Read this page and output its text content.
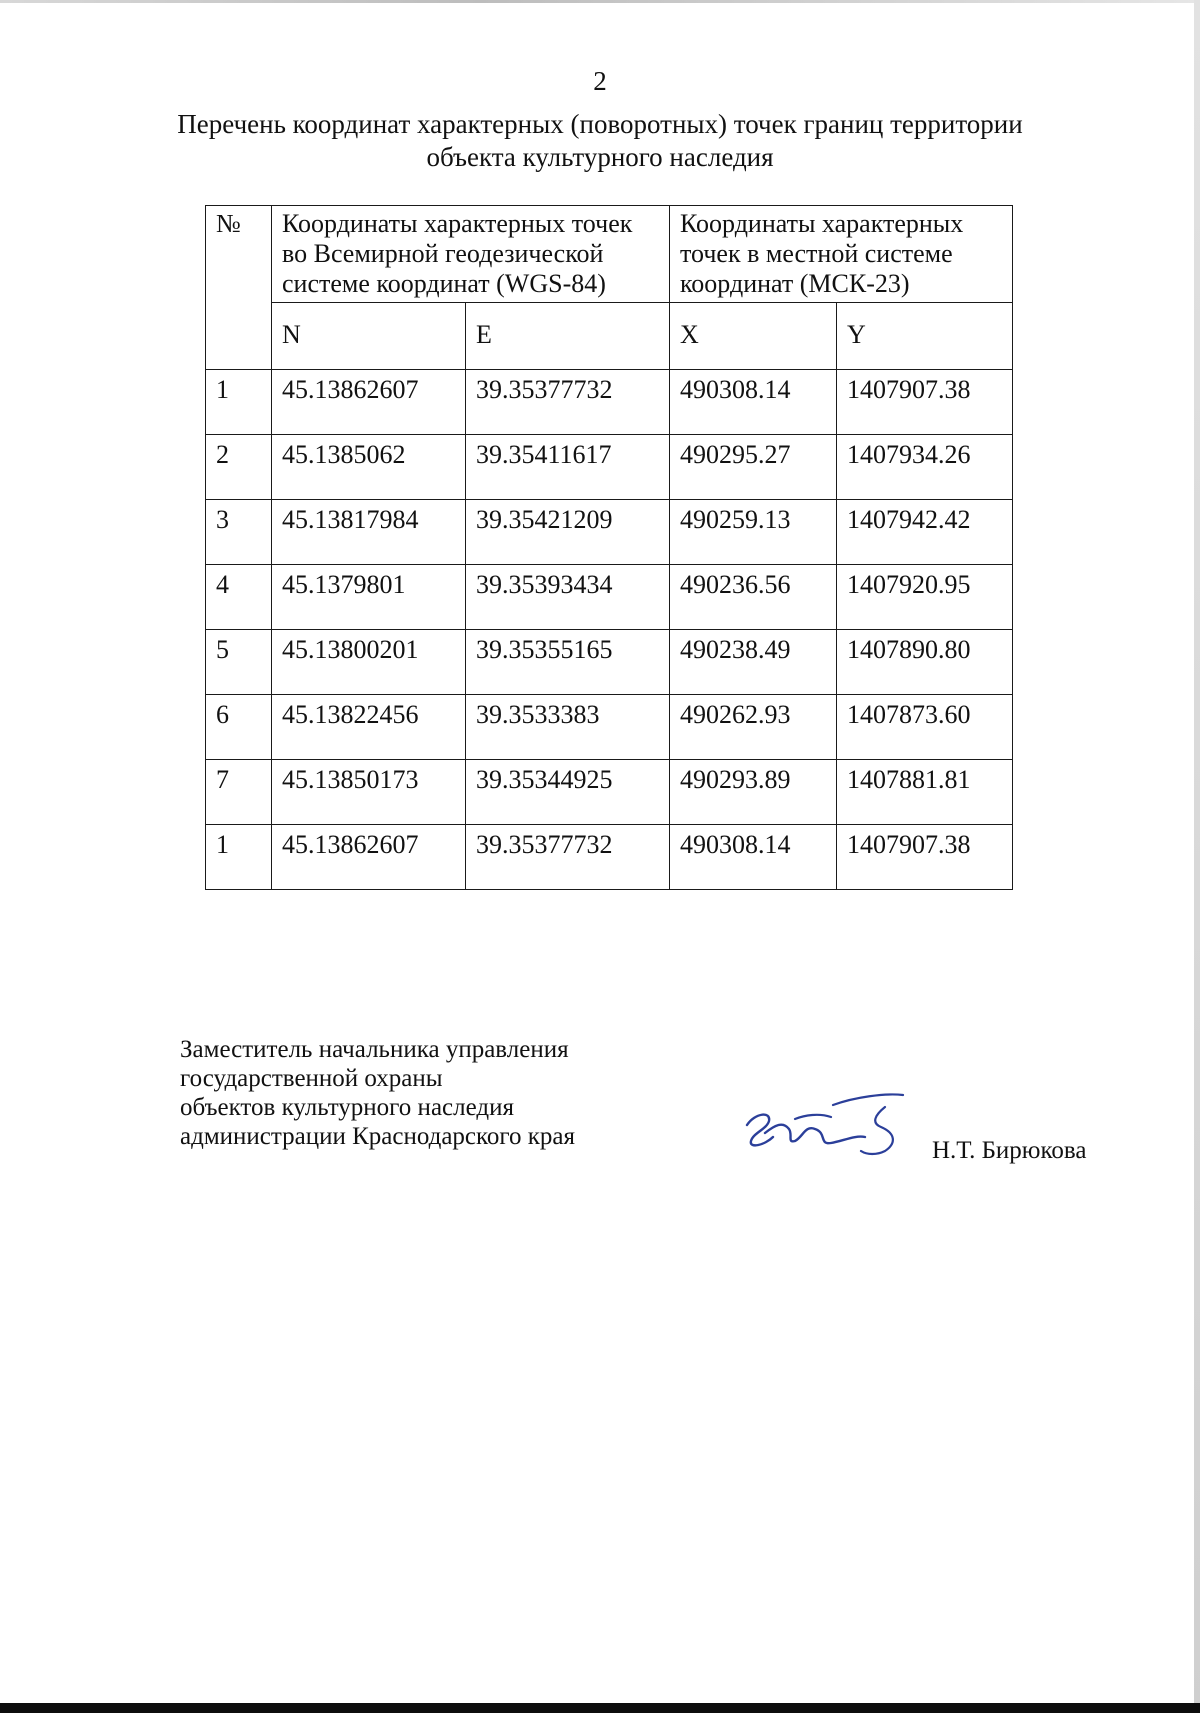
2
Перечень координат характерных (поворотных) точек границ территории
объекта культурного наследия
№	Координаты характерных точек во Всемирной геодезической системе координат (WGS-84)		Координаты характерных точек в местной системе координат (МСК-23)	
	N	E	X	Y
1	45.13862607	39.35377732	490308.14	1407907.38
2	45.1385062	39.35411617	490295.27	1407934.26
3	45.13817984	39.35421209	490259.13	1407942.42
4	45.1379801	39.35393434	490236.56	1407920.95
5	45.13800201	39.35355165	490238.49	1407890.80
6	45.13822456	39.3533383	490262.93	1407873.60
7	45.13850173	39.35344925	490293.89	1407881.81
1	45.13862607	39.35377732	490308.14	1407907.38
Заместитель начальника управления
государственной охраны
объектов культурного наследия
администрации Краснодарского края
Н.Т. Бирюкова
